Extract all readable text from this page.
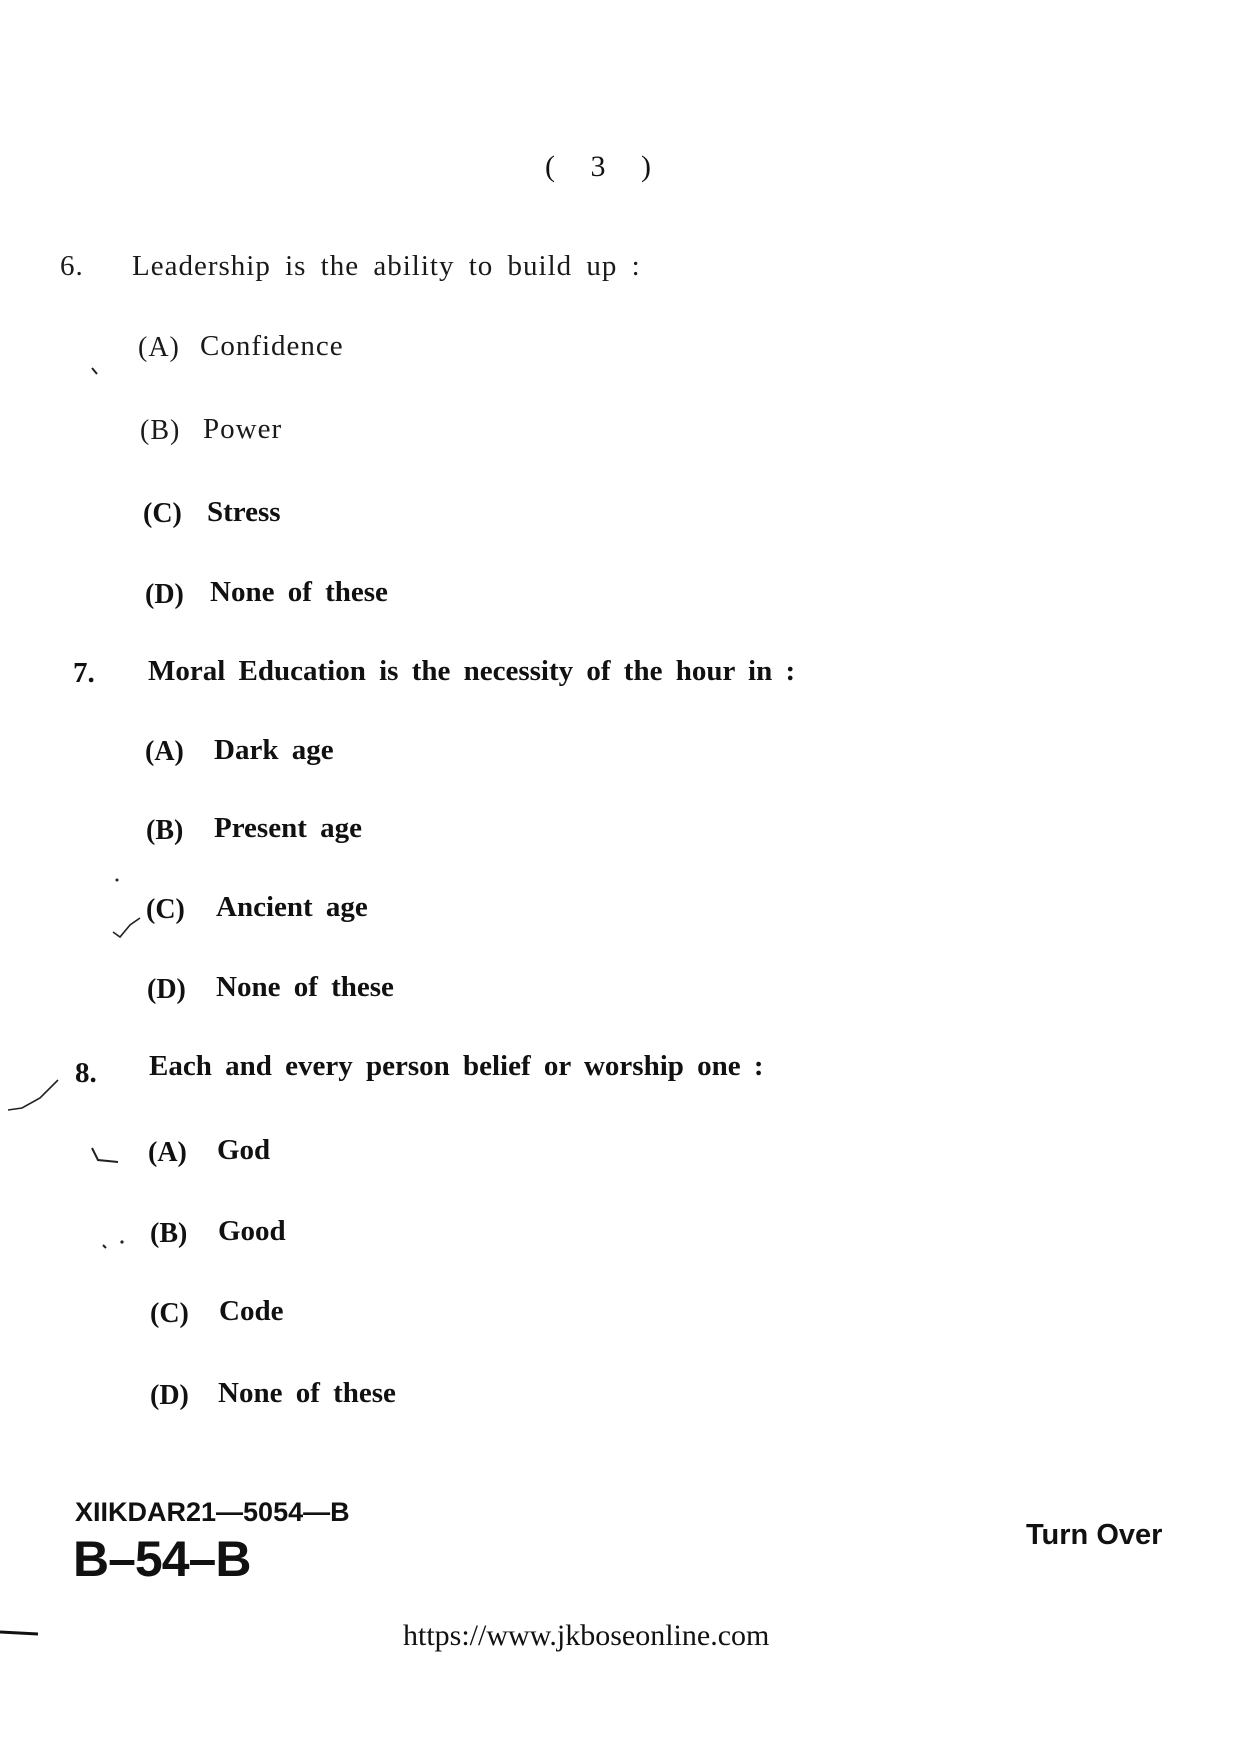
( 3 )
6. Leadership is the ability to build up :
(A) Confidence
(B) Power
(C) Stress
(D) None of these
7. Moral Education is the necessity of the hour in :
(A) Dark age
(B) Present age
(C) Ancient age
(D) None of these
8. Each and every person belief or worship one :
(A) God
(B) Good
(C) Code
(D) None of these
XIIKDAR21—5054—B
B–54–B	Turn Over
https://www.jkboseonline.com
